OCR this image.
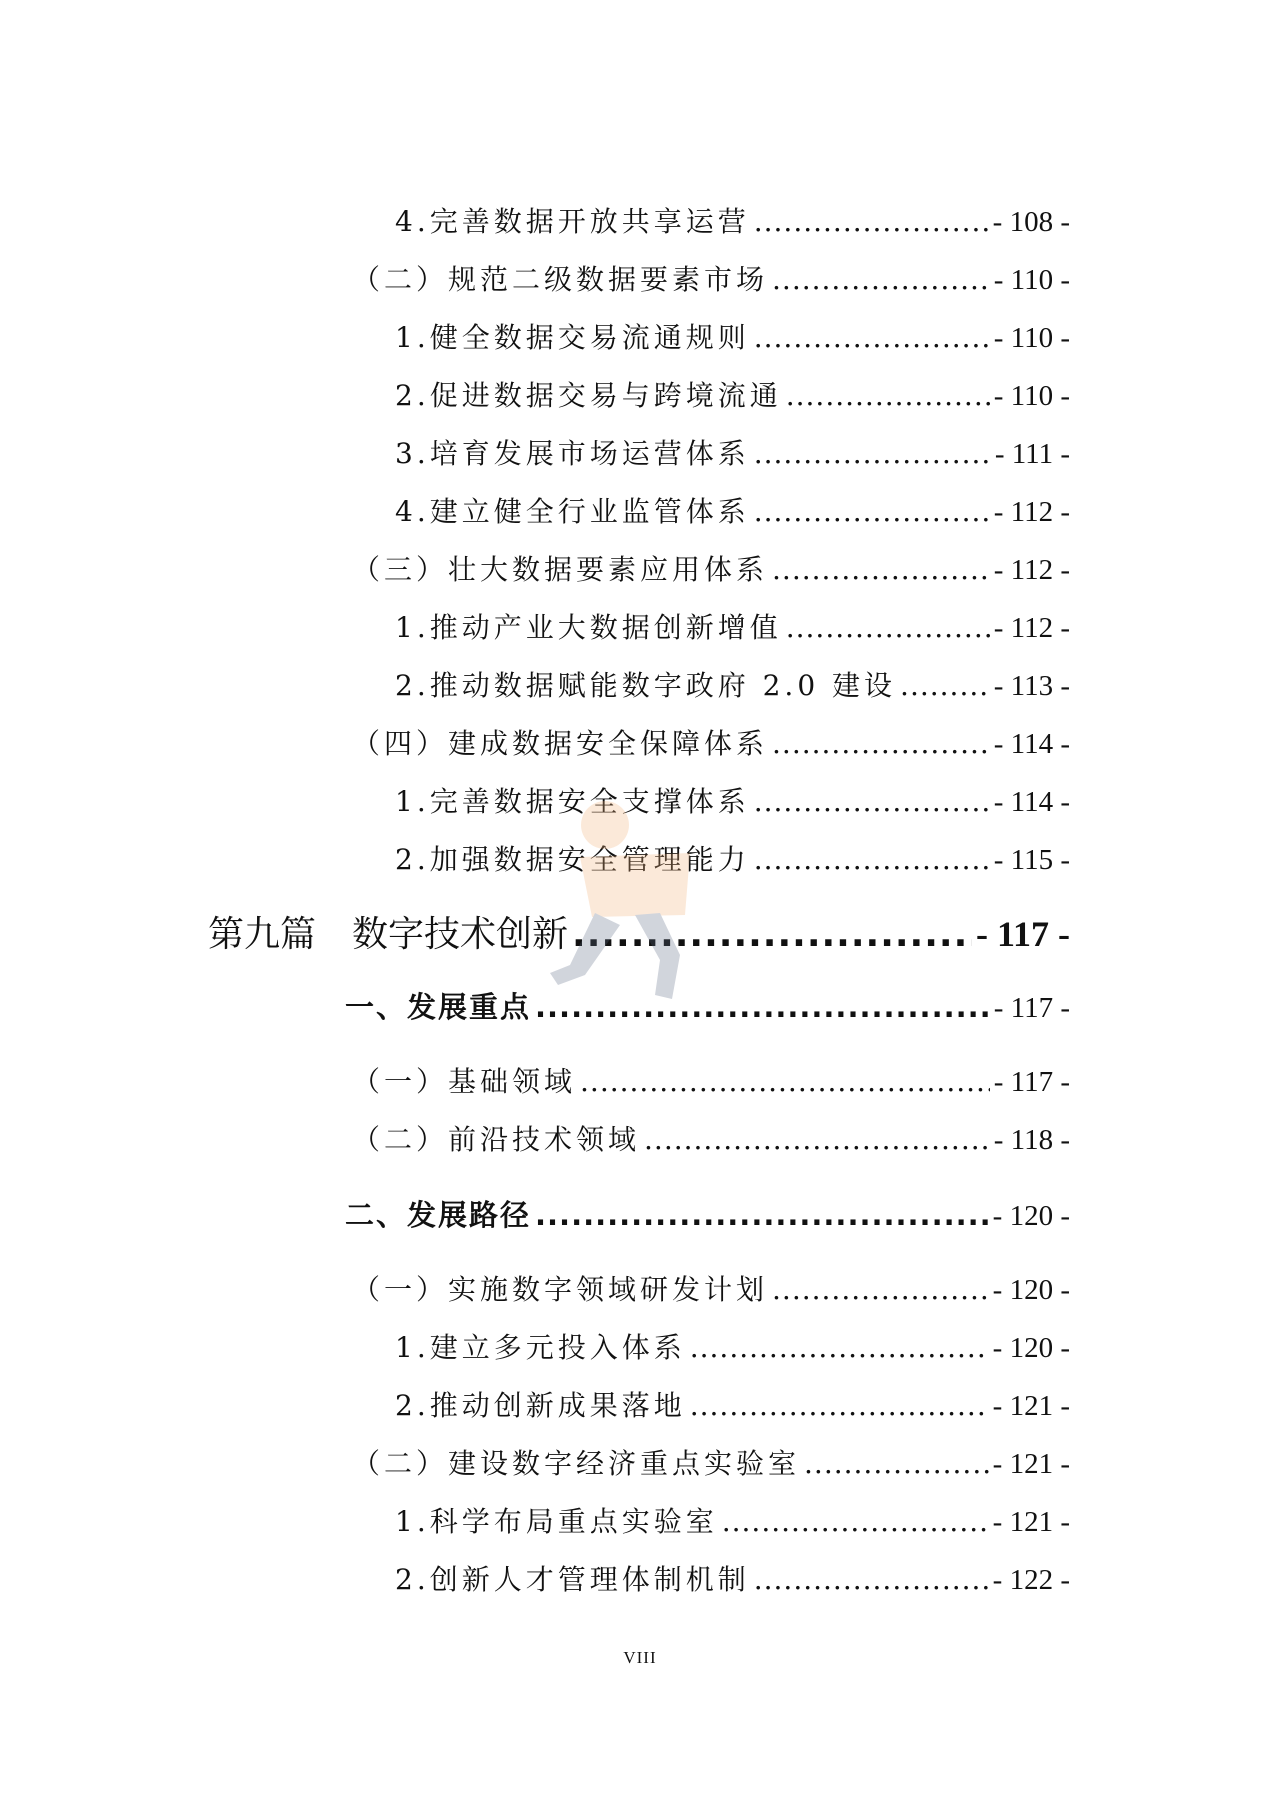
4.完善数据开放共享运营 .....	- 108 -
（二）规范二级数据要素市场 .....	- 110 -
1.健全数据交易流通规则 .....	- 110 -
2.促进数据交易与跨境流通 .....	- 110 -
3.培育发展市场运营体系 .....	- 111 -
4.建立健全行业监管体系 .....	- 112 -
（三）壮大数据要素应用体系 .....	- 112 -
1.推动产业大数据创新增值 .....	- 112 -
2.推动数据赋能数字政府 2.0 建设 .....	- 113 -
（四）建成数据安全保障体系 .....	- 114 -
1.完善数据安全支撑体系 .....	- 114 -
2.加强数据安全管理能力 .....	- 115 -
第九篇　数字技术创新 .....	- 117 -
一、发展重点 .....	- 117 -
（一）基础领域 .....	- 117 -
（二）前沿技术领域 .....	- 118 -
二、发展路径 .....	- 120 -
（一）实施数字领域研发计划 .....	- 120 -
1.建立多元投入体系 .....	- 120 -
2.推动创新成果落地 .....	- 121 -
（二）建设数字经济重点实验室 .....	- 121 -
1.科学布局重点实验室 .....	- 121 -
2.创新人才管理体制机制 .....	- 122 -
VIII
